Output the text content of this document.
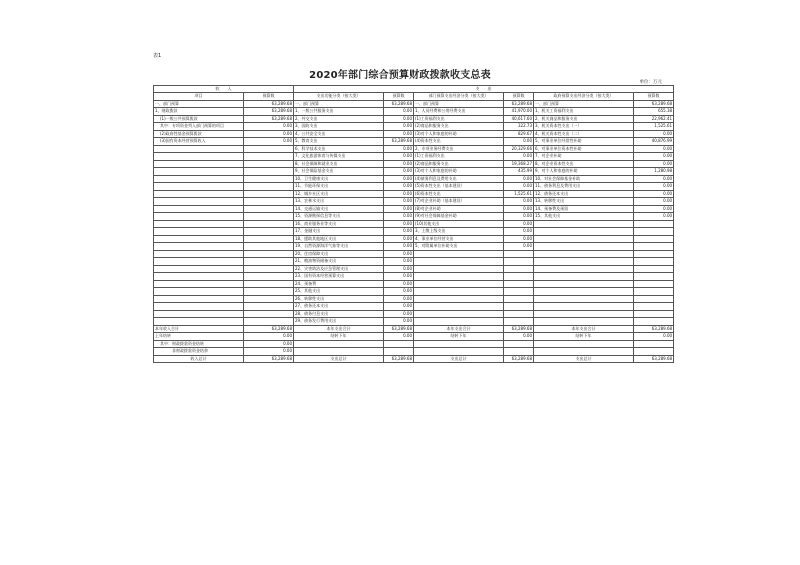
表1
2020年部门综合预算财政拨款收支总表
单位：万元
收　　入		支　　出					
项目	预算数	支出功能分类（按大类）	预算数	部门预算支出经济分类（按大类）	预算数	政府预算支出经济分类（按大类）	预算数
一、部门预算	63,289.68	一、部门预算	63,289.68	一、部门预算	63,289.68	一、部门预算	63,289.68
1、财政拨款	63,289.68	1、一般公共服务支出	0.00	1、人员经费和公用经费支出	41,970.00	1、机关工资福利支出	655.38
(1)一般公共预算拨款	63,289.68	2、外交支出	0.00	(1)工资福利支出	40,617.60	2、机关商品和服务支出	22,962.41
其中：专项资金列入部门预算的项目	0.00	3、国防支出	0.00	(2)商品和服务支出	322.73	3、机关资本性支出（一）	1,525.61
(2)政府性基金预算拨款	0.00	4、公共安全支出	0.00	(3)对个人和家庭的补助	829.67	4、机关资本性支出（二）	0.00
(3)国有资本经营预算收入	0.00	5、教育支出	63,289.68	(4)资本性支出	0.00	5、对事业单位经常性补助	40,876.99
		6、科学技术支出	0.00	2、专项业务经费支出	20,329.66	6、对事业单位资本性补助	0.00
		7、文化旅游体育与传媒支出	0.00	(1)工资福利支出	0.00	7、对企业补助	0.00
		8、社会保障和就业支出	0.00	(2)商品和服务支出	19,368.27	8、对企业资本性支出	0.00
		9、社会保险基金支出	0.00	(3)对个人和家庭的补助	435.99	9、对个人和家庭的补助	1,280.98
		10、卫生健康支出	0.00	(4)债务利息及费用支出	0.00	10、对社会保障基金补助	0.00
		11、节能环保支出	0.00	(5)资本性支出（基本建设）	0.00	11、债务利息及费用支出	0.00
		12、城乡社区支出	0.00	(6)资本性支出	1,525.61	12、债务还本支出	0.00
		13、农林水支出	0.00	(7)对企业补助（基本建设）	0.00	13、转移性支出	0.00
		14、交通运输支出	0.00	(8)对企业补助	0.00	14、预备费及预留	0.00
		15、资源勘探信息等支出	0.00	(9)对社会保障基金补助	0.00	15、其他支出	0.00
		16、商业服务业等支出	0.00	(10)其他支出	0.00		
		17、金融支出	0.00	3、上缴上级支出	0.00		
		18、援助其他地区支出	0.00	4、事业单位经营支出	0.00		
		19、自然资源海洋气象等支出	0.00	5、对附属单位补助支出	0.00		
		20、住房保障支出	0.00				
		21、粮油物资储备支出	0.00				
		22、灾害防治及应急管理支出	0.00				
		23、国有资本经营预算支出	0.00				
		24、预备费	0.00				
		25、其他支出	0.00				
		26、转移性支出	0.00				
		27、债务还本支出	0.00				
		28、债务付息支出	0.00				
		29、债务发行费用支出	0.00				
本年收入合计	63,289.68	本年支出合计	63,289.68	本年支出合计	63,289.68	本年支出合计	63,289.68
上年结转	0.00	结转下年	0.00	结转下年	0.00	结转下年	0.00
其中：财政拨款资金结转	0.00						
非财政拨款资金结余	0.00						
收入总计	63,289.68	支出总计	63,289.68	支出总计	63,289.68	支出总计	63,289.68
